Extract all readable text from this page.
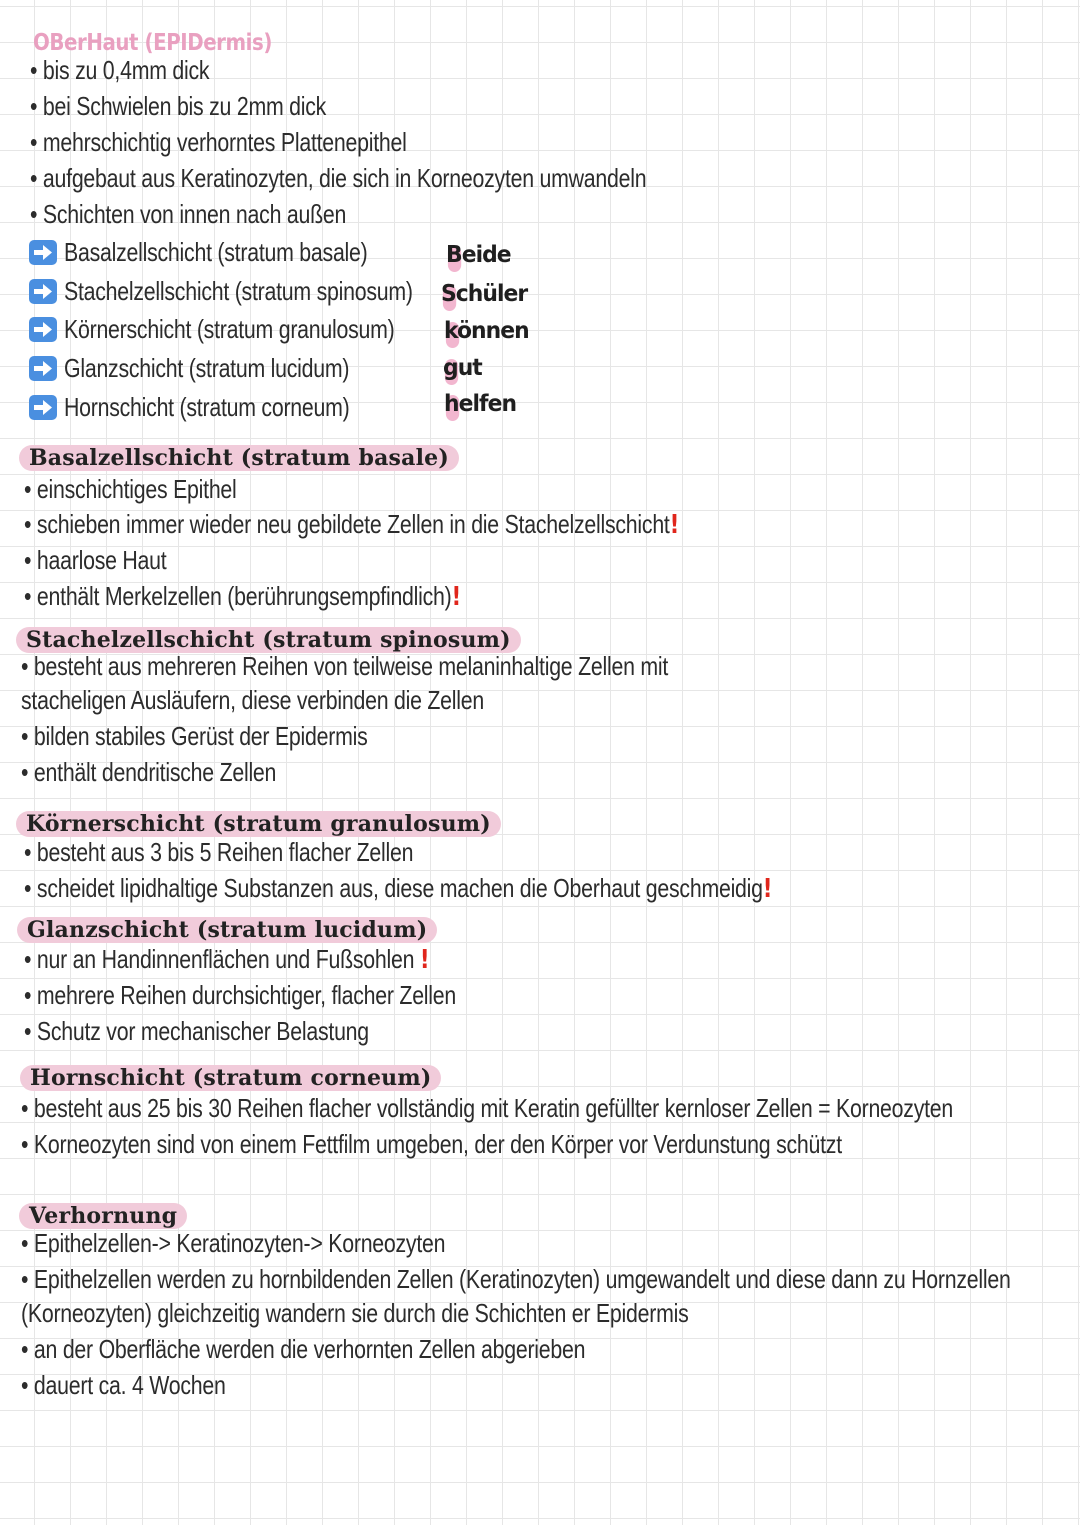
OBerHaut (EPIDermis)
• bis zu 0,4mm dick
• bei Schwielen bis zu 2mm dick
• mehrschichtig verhorntes Plattenepithel
• aufgebaut aus Keratinozyten, die sich in Korneozyten umwandeln
• Schichten von innen nach außen
Basalzellschicht (stratum basale)
Stachelzellschicht (stratum spinosum)
Körnerschicht (stratum granulosum)
Glanzschicht (stratum lucidum)
Hornschicht (stratum corneum)
Beide
Schüler
können
gut
helfen
Basalzellschicht (stratum basale)
• einschichtiges Epithel
• schieben immer wieder neu gebildete Zellen in die Stachelzellschicht!
• haarlose Haut
• enthält Merkelzellen (berührungsempfindlich)!
Stachelzellschicht (stratum spinosum)
• besteht aus mehreren Reihen von teilweise melaninhaltige Zellen mit
stacheligen Ausläufern, diese verbinden die Zellen
• bilden stabiles Gerüst der Epidermis
• enthält dendritische Zellen
Körnerschicht (stratum granulosum)
• besteht aus 3 bis 5 Reihen flacher Zellen
• scheidet lipidhaltige Substanzen aus, diese machen die Oberhaut geschmeidig!
Glanzschicht (stratum lucidum)
• nur an Handinnenflächen und Fußsohlen !
• mehrere Reihen durchsichtiger, flacher Zellen
• Schutz vor mechanischer Belastung
Hornschicht (stratum corneum)
• besteht aus 25 bis 30 Reihen flacher vollständig mit Keratin gefüllter kernloser Zellen = Korneozyten
• Korneozyten sind von einem Fettfilm umgeben, der den Körper vor Verdunstung schützt
Verhornung
• Epithelzellen-> Keratinozyten-> Korneozyten
• Epithelzellen werden zu hornbildenden Zellen (Keratinozyten) umgewandelt und diese dann zu Hornzellen
(Korneozyten) gleichzeitig wandern sie durch die Schichten er Epidermis
• an der Oberfläche werden die verhornten Zellen abgerieben
• dauert ca. 4 Wochen
